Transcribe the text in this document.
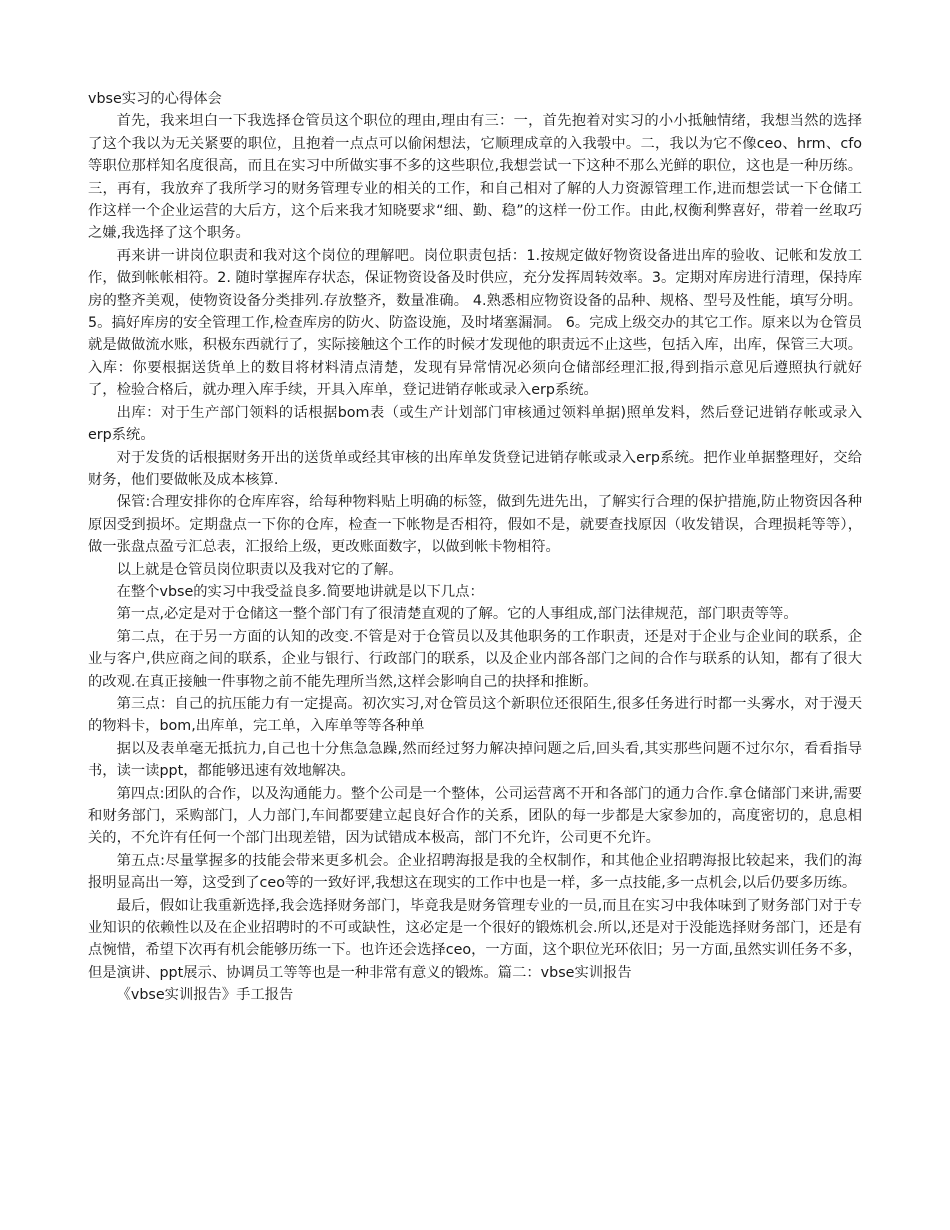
vbse实习的心得体会

首先，我来坦白一下我选择仓管员这个职位的理由,理由有三：一，首先抱着对实习的小小抵触情绪，我想当然的选择了这个我以为无关紧要的职位，且抱着一点点可以偷闲想法，它顺理成章的入我彀中。二，我以为它不像ceo、hrm、cfo等职位那样知名度很高，而且在实习中所做实事不多的这些职位,我想尝试一下这种不那么光鲜的职位，这也是一种历练。三，再有，我放弃了我所学习的财务管理专业的相关的工作，和自己相对了解的人力资源管理工作,进而想尝试一下仓储工作这样一个企业运营的大后方，这个后来我才知晓要求“细、勤、稳”的这样一份工作。由此,权衡利弊喜好，带着一丝取巧之嫌,我选择了这个职务。

再来讲一讲岗位职责和我对这个岗位的理解吧。岗位职责包括：1.按规定做好物资设备进出库的验收、记帐和发放工作，做到帐帐相符。2. 随时掌握库存状态，保证物资设备及时供应，充分发挥周转效率。3。定期对库房进行清理，保持库房的整齐美观，使物资设备分类排列.存放整齐，数量准确。 4.熟悉相应物资设备的品种、规格、型号及性能，填写分明。 5。搞好库房的安全管理工作,检查库房的防火、防盗设施，及时堵塞漏洞。 6。完成上级交办的其它工作。原来以为仓管员就是做做流水账，积极东西就行了，实际接触这个工作的时候才发现他的职责远不止这些，包括入库，出库，保管三大项。 入库：你要根据送货单上的数目将材料清点清楚，发现有异常情况必须向仓储部经理汇报,得到指示意见后遵照执行就好了，检验合格后，就办理入库手续，开具入库单，登记进销存帐或录入erp系统。

出库：对于生产部门领料的话根据bom表（或生产计划部门审核通过领料单据)照单发料，然后登记进销存帐或录入erp系统。

对于发货的话根据财务开出的送货单或经其审核的出库单发货登记进销存帐或录入erp系统。把作业单据整理好，交给财务，他们要做帐及成本核算.

保管:合理安排你的仓库库容，给每种物料贴上明确的标签，做到先进先出，了解实行合理的保护措施,防止物资因各种原因受到损坏。定期盘点一下你的仓库，检查一下帐物是否相符，假如不是，就要查找原因（收发错误，合理损耗等等），做一张盘点盈亏汇总表，汇报给上级，更改账面数字，以做到帐卡物相符。

以上就是仓管员岗位职责以及我对它的了解。

在整个vbse的实习中我受益良多.简要地讲就是以下几点：

第一点,必定是对于仓储这一整个部门有了很清楚直观的了解。它的人事组成,部门法律规范，部门职责等等。

第二点，在于另一方面的认知的改变.不管是对于仓管员以及其他职务的工作职责，还是对于企业与企业间的联系，企业与客户,供应商之间的联系，企业与银行、行政部门的联系，以及企业内部各部门之间的合作与联系的认知，都有了很大的改观.在真正接触一件事物之前不能先理所当然,这样会影响自己的抉择和推断。

第三点：自己的抗压能力有一定提高。初次实习,对仓管员这个新职位还很陌生,很多任务进行时都一头雾水，对于漫天的物料卡，bom,出库单，完工单，入库单等等各种单

据以及表单毫无抵抗力,自己也十分焦急急躁,然而经过努力解决掉问题之后,回头看,其实那些问题不过尔尔，看看指导书，读一读ppt，都能够迅速有效地解决。

第四点:团队的合作，以及沟通能力。整个公司是一个整体，公司运营离不开和各部门的通力合作.拿仓储部门来讲,需要和财务部门，采购部门，人力部门,车间都要建立起良好合作的关系，团队的每一步都是大家参加的，高度密切的，息息相关的，不允许有任何一个部门出现差错，因为试错成本极高，部门不允许，公司更不允许。

第五点:尽量掌握多的技能会带来更多机会。企业招聘海报是我的全权制作，和其他企业招聘海报比较起来，我们的海报明显高出一筹，这受到了ceo等的一致好评,我想这在现实的工作中也是一样，多一点技能,多一点机会,以后仍要多历练。

最后，假如让我重新选择,我会选择财务部门，毕竟我是财务管理专业的一员,而且在实习中我体味到了财务部门对于专业知识的依赖性以及在企业招聘时的不可或缺性，这必定是一个很好的锻炼机会.所以,还是对于没能选择财务部门，还是有点惋惜，希望下次再有机会能够历练一下。也许还会选择ceo，一方面，这个职位光环依旧；另一方面,虽然实训任务不多，但是演讲、ppt展示、协调员工等等也是一种非常有意义的锻炼。篇二：vbse实训报告

《vbse实训报告》手工报告
